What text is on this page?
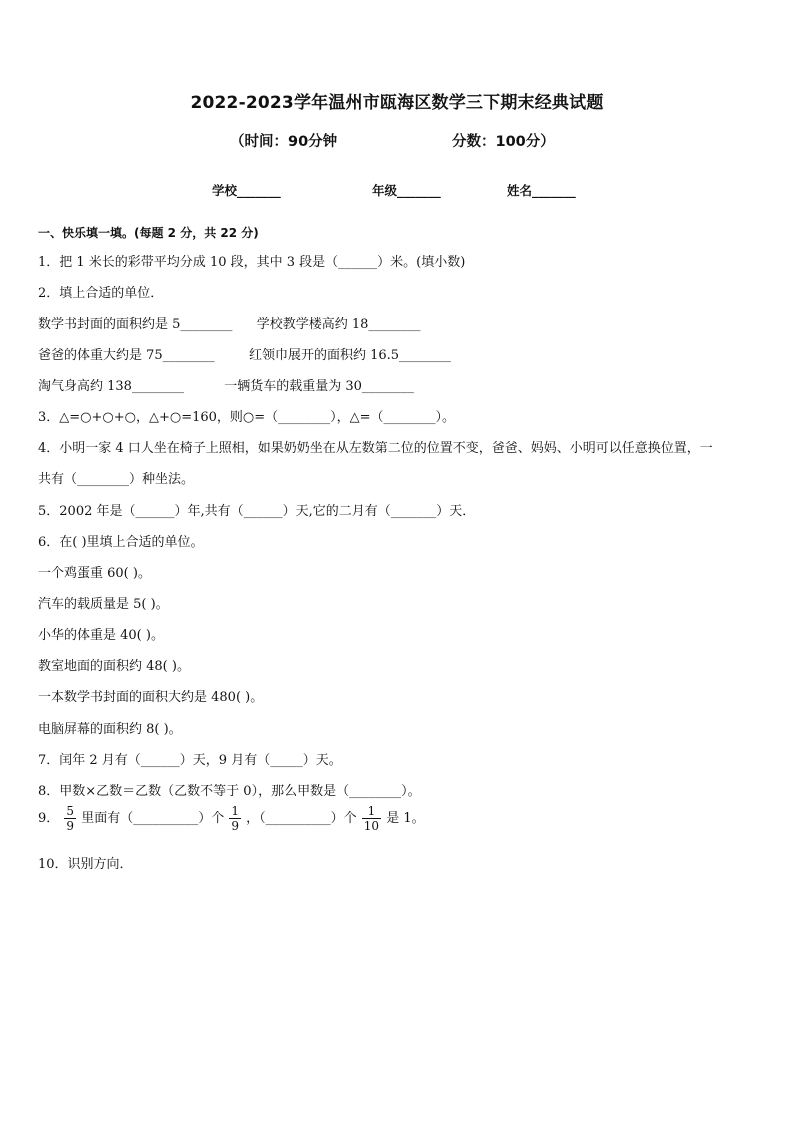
2022-2023学年温州市瓯海区数学三下期末经典试题
（时间：90分钟	分数：100分）
学校_______	年级_______	姓名_______
一、快乐填一填。(每题 2 分，共 22 分)
1．把 1 米长的彩带平均分成 10 段，其中 3 段是（______）米。(填小数)
2．填上合适的单位．
数学书封面的面积约是 5________ 学校教学楼高约 18________
爸爸的体重大约是 75________	红领巾展开的面积约 16.5________
淘气身高约 138________	一辆货车的载重量为 30________
3．△=○+○+○，△+○=160，则○=（________），△=（________）。
4．小明一家 4 口人坐在椅子上照相，如果奶奶坐在从左数第二位的位置不变，爸爸、妈妈、小明可以任意换位置，一
共有（________）种坐法。
5．2002 年是（______）年,共有（______）天,它的二月有（_______）天．
6．在( )里填上合适的单位。
一个鸡蛋重 60( )。
汽车的载质量是 5( )。
小华的体重是 40( )。
教室地面的面积约 48( )。
一本数学书封面的面积大约是 480( )。
电脑屏幕的面积约 8( )。
7．闰年 2 月有（______）天，9 月有（_____）天。
8．甲数×乙数＝乙数（乙数不等于 0），那么甲数是（________）。
9． $\frac{5}{9}$ 里面有（__________）个 $\frac{1}{9}$ ，（__________）个 $\frac{1}{10}$ 是 1。
10．识别方向．
